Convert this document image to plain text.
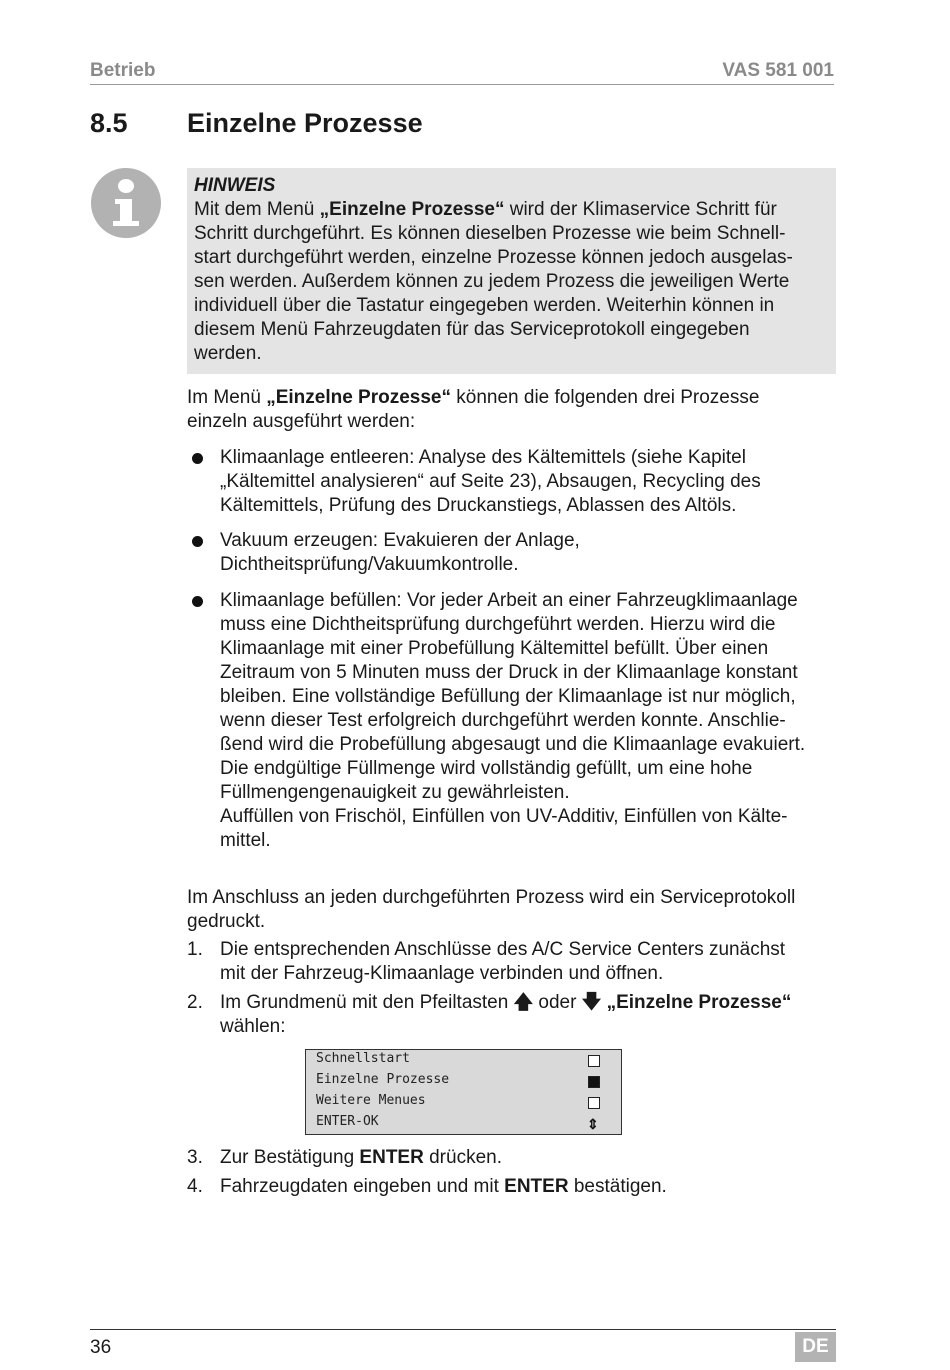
Betrieb	VAS 581 001
8.5 Einzelne Prozesse
HINWEIS
Mit dem Menü „Einzelne Prozesse“ wird der Klimaservice Schritt für
Schritt durchgeführt. Es können dieselben Prozesse wie beim Schnell-
start durchgeführt werden, einzelne Prozesse können jedoch ausgelas-
sen werden. Außerdem können zu jedem Prozess die jeweiligen Werte
individuell über die Tastatur eingegeben werden. Weiterhin können in
diesem Menü Fahrzeugdaten für das Serviceprotokoll eingegeben
werden.
Im Menü „Einzelne Prozesse“ können die folgenden drei Prozesse
einzeln ausgeführt werden:
Klimaanlage entleeren: Analyse des Kältemittels (siehe Kapitel
„Kältemittel analysieren“ auf Seite 23), Absaugen, Recycling des
Kältemittels, Prüfung des Druckanstiegs, Ablassen des Altöls.
Vakuum erzeugen: Evakuieren der Anlage,
Dichtheitsprüfung/Vakuumkontrolle.
Klimaanlage befüllen: Vor jeder Arbeit an einer Fahrzeugklimaanlage
muss eine Dichtheitsprüfung durchgeführt werden. Hierzu wird die
Klimaanlage mit einer Probefüllung Kältemittel befüllt. Über einen
Zeitraum von 5 Minuten muss der Druck in der Klimaanlage konstant
bleiben. Eine vollständige Befüllung der Klimaanlage ist nur möglich,
wenn dieser Test erfolgreich durchgeführt werden konnte. Anschlie-
ßend wird die Probefüllung abgesaugt und die Klimaanlage evakuiert.
Die endgültige Füllmenge wird vollständig gefüllt, um eine hohe
Füllmengengenauigkeit zu gewährleisten.
Auffüllen von Frischöl, Einfüllen von UV-Additiv, Einfüllen von Kälte-
mittel.
Im Anschluss an jeden durchgeführten Prozess wird ein Serviceprotokoll
gedruckt.
1. Die entsprechenden Anschlüsse des A/C Service Centers zunächst
mit der Fahrzeug-Klimaanlage verbinden und öffnen.
2. Im Grundmenü mit den Pfeiltasten 🡅 oder 🡇 „Einzelne Prozesse“
wählen:
Schnellstart
Einzelne Prozesse
Weitere Menues
ENTER-OK	⇕
3. Zur Bestätigung ENTER drücken.
4. Fahrzeugdaten eingeben und mit ENTER bestätigen.
36	DE
